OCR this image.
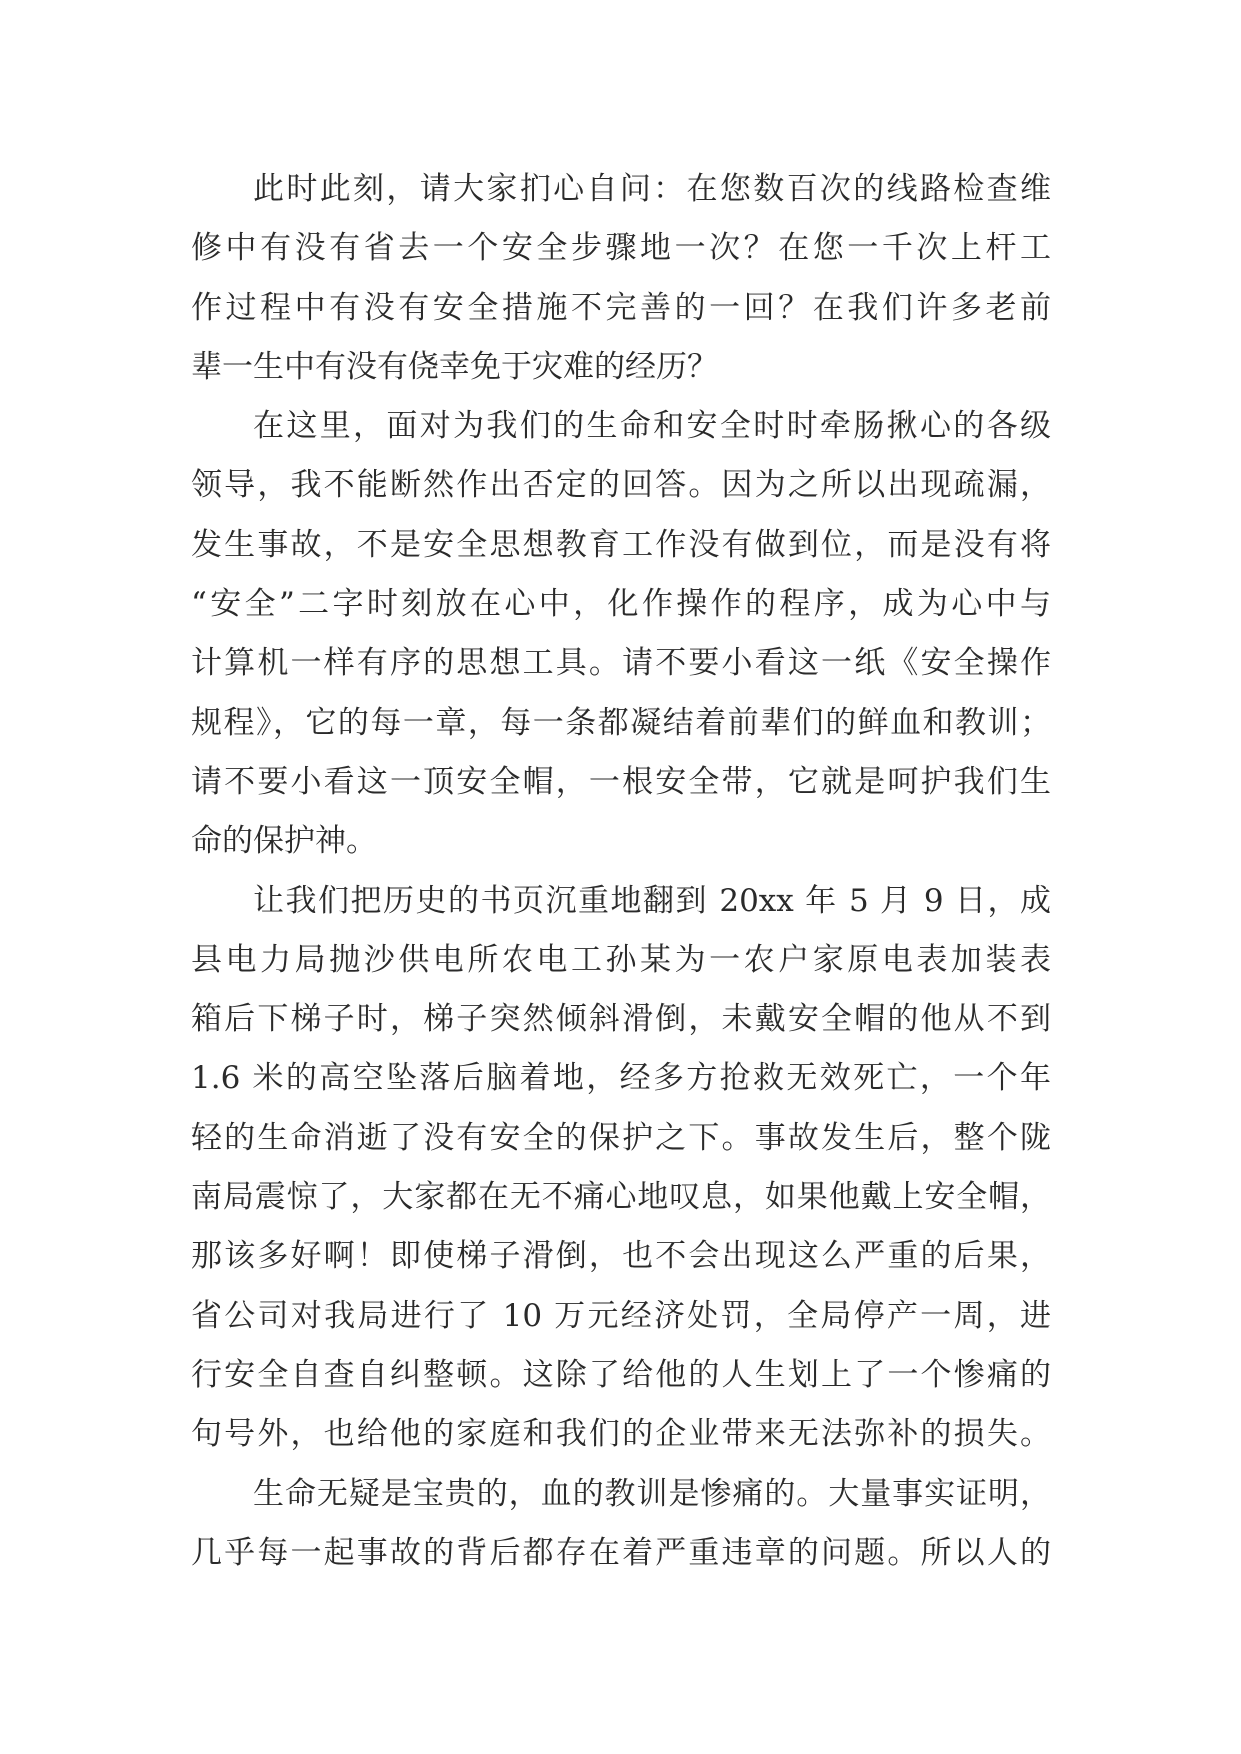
此时此刻，请大家扪心自问：在您数百次的线路检查维
修中有没有省去一个安全步骤地一次？在您一千次上杆工
作过程中有没有安全措施不完善的一回？在我们许多老前
辈一生中有没有侥幸免于灾难的经历？
在这里，面对为我们的生命和安全时时牵肠揪心的各级
领导，我不能断然作出否定的回答。因为之所以出现疏漏，
发生事故，不是安全思想教育工作没有做到位，而是没有将
“安全”二字时刻放在心中，化作操作的程序，成为心中与
计算机一样有序的思想工具。请不要小看这一纸《安全操作
规程》，它的每一章，每一条都凝结着前辈们的鲜血和教训；
请不要小看这一顶安全帽，一根安全带，它就是呵护我们生
命的保护神。
让我们把历史的书页沉重地翻到 20xx 年 5 月 9 日，成
县电力局抛沙供电所农电工孙某为一农户家原电表加装表
箱后下梯子时，梯子突然倾斜滑倒，未戴安全帽的他从不到
1.6 米的高空坠落后脑着地，经多方抢救无效死亡，一个年
轻的生命消逝了没有安全的保护之下。事故发生后，整个陇
南局震惊了，大家都在无不痛心地叹息，如果他戴上安全帽，
那该多好啊！即使梯子滑倒，也不会出现这么严重的后果，
省公司对我局进行了 10 万元经济处罚，全局停产一周，进
行安全自查自纠整顿。这除了给他的人生划上了一个惨痛的
句号外，也给他的家庭和我们的企业带来无法弥补的损失。
生命无疑是宝贵的，血的教训是惨痛的。大量事实证明，
几乎每一起事故的背后都存在着严重违章的问题。所以人的
